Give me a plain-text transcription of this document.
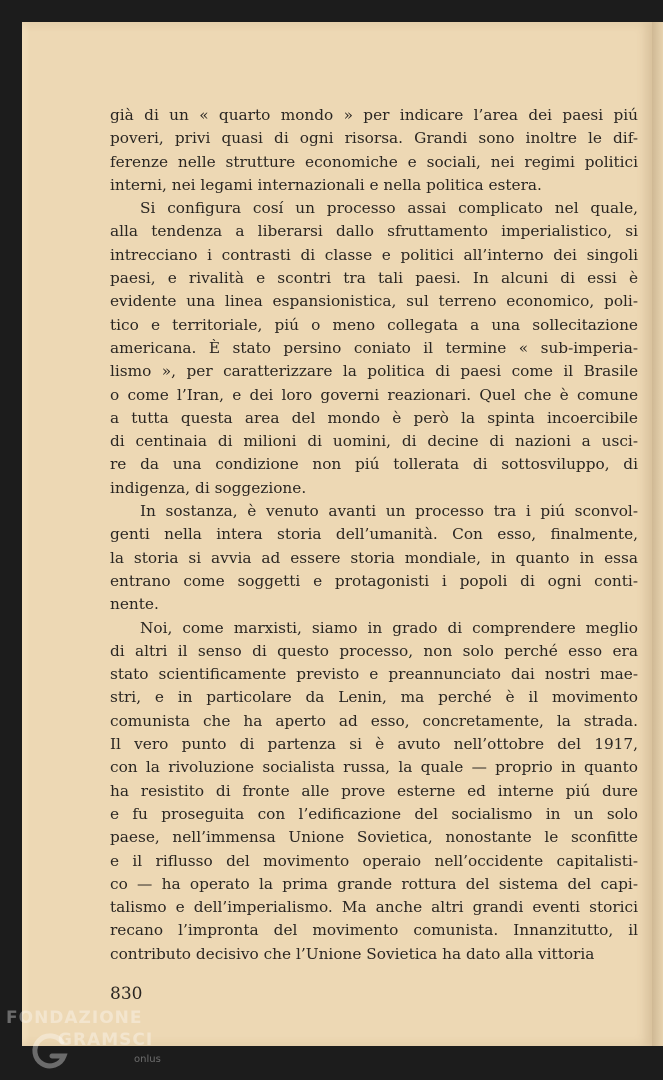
già di un « quarto mondo » per indicare l’area dei paesi piú
poveri, privi quasi di ogni risorsa. Grandi sono inoltre le dif-
ferenze nelle strutture economiche e sociali, nei regimi politici
interni, nei legami internazionali e nella politica estera.
Si configura cosí un processo assai complicato nel quale,
alla tendenza a liberarsi dallo sfruttamento imperialistico, si
intrecciano i contrasti di classe e politici all’interno dei singoli
paesi, e rivalità e scontri tra tali paesi. In alcuni di essi è
evidente una linea espansionistica, sul terreno economico, poli-
tico e territoriale, piú o meno collegata a una sollecitazione
americana. È stato persino coniato il termine « sub-imperia-
lismo », per caratterizzare la politica di paesi come il Brasile
o come l’Iran, e dei loro governi reazionari. Quel che è comune
a tutta questa area del mondo è però la spinta incoercibile
di centinaia di milioni di uomini, di decine di nazioni a usci-
re da una condizione non piú tollerata di sottosviluppo, di
indigenza, di soggezione.
In sostanza, è venuto avanti un processo tra i piú sconvol-
genti nella intera storia dell’umanità. Con esso, finalmente,
la storia si avvia ad essere storia mondiale, in quanto in essa
entrano come soggetti e protagonisti i popoli di ogni conti-
nente.
Noi, come marxisti, siamo in grado di comprendere meglio
di altri il senso di questo processo, non solo perché esso era
stato scientificamente previsto e preannunciato dai nostri mae-
stri, e in particolare da Lenin, ma perché è il movimento
comunista che ha aperto ad esso, concretamente, la strada.
Il vero punto di partenza si è avuto nell’ottobre del 1917,
con la rivoluzione socialista russa, la quale — proprio in quanto
ha resistito di fronte alle prove esterne ed interne piú dure
e fu proseguita con l’edificazione del socialismo in un solo
paese, nell’immensa Unione Sovietica, nonostante le sconfitte
e il riflusso del movimento operaio nell’occidente capitalisti-
co — ha operato la prima grande rottura del sistema del capi-
talismo e dell’imperialismo. Ma anche altri grandi eventi storici
recano l’impronta del movimento comunista. Innanzitutto, il
contributo decisivo che l’Unione Sovietica ha dato alla vittoria
830
FONDAZIONE
GRAMSCI
onlus
